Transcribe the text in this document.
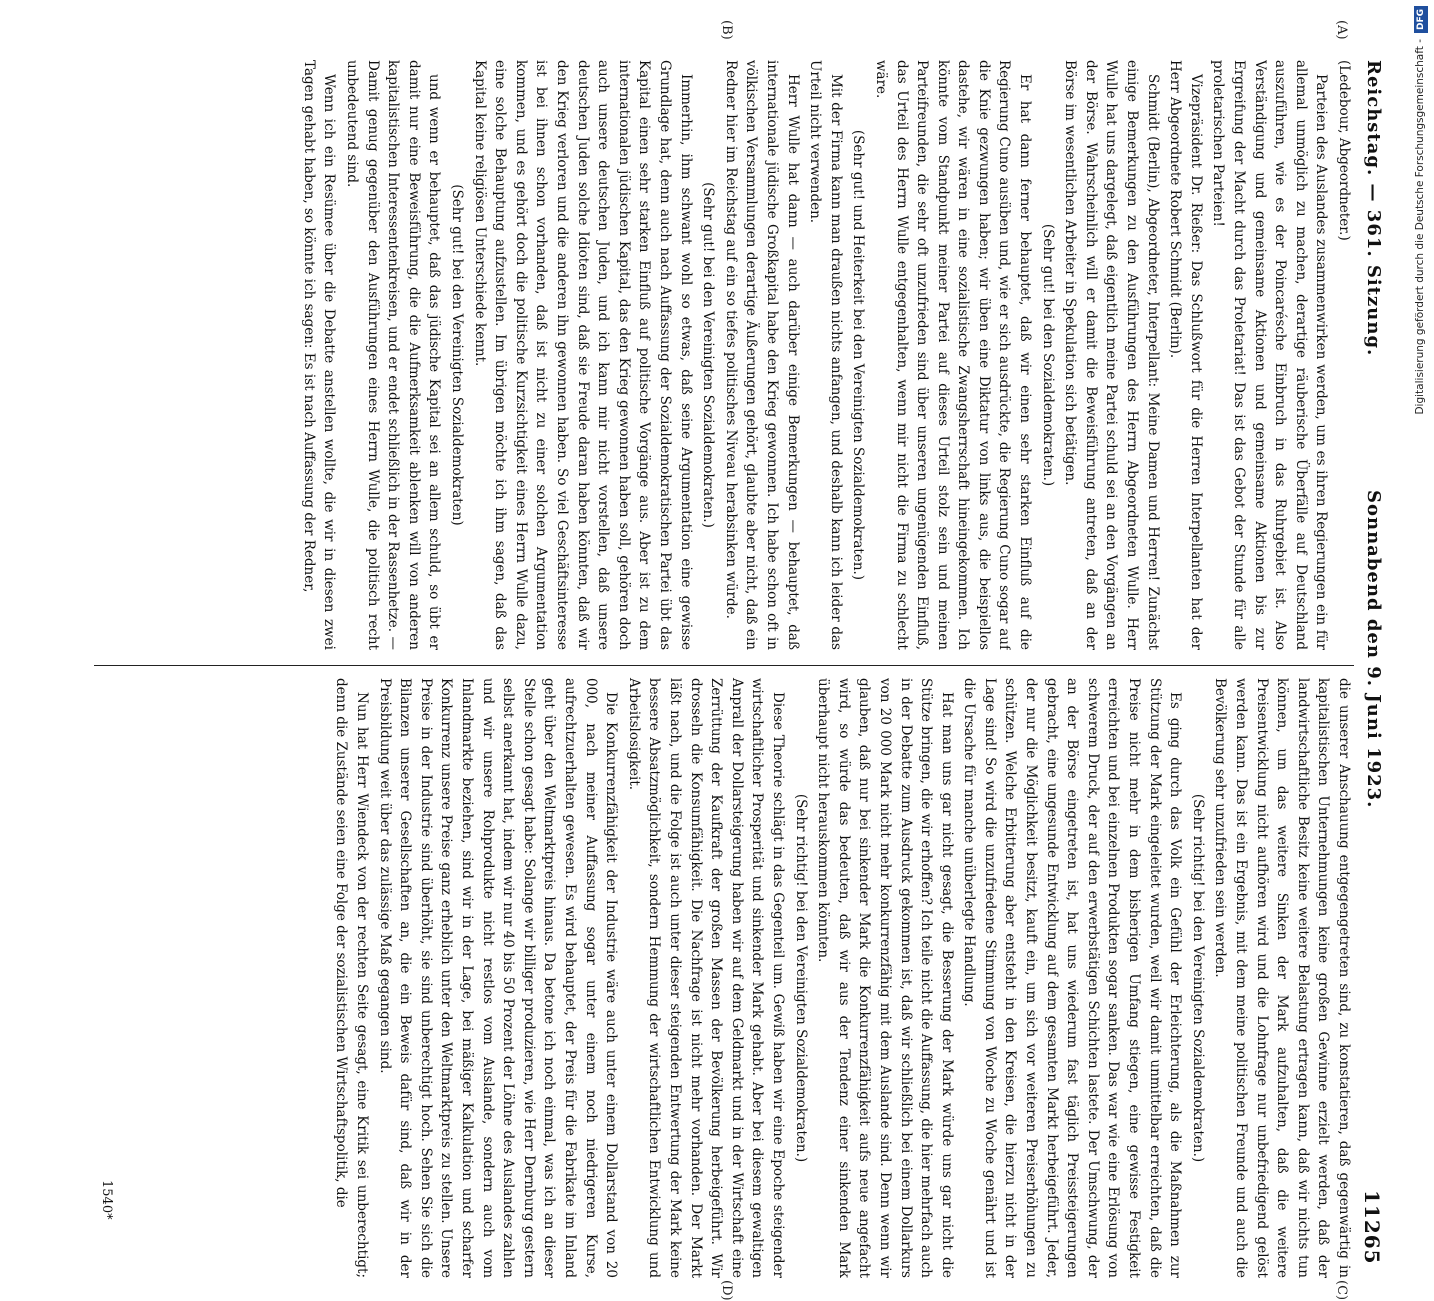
Reichstag. — 361. Sitzung.
Sonnabend den 9. Juni 1923.
11265
(A)
(B)
(C)
(D)

(Ledebour, Abgeordneter.)

Parteien des Auslandes zusammenwirken werden, um es ihren Regierungen ein für allemal unmöglich zu machen, derartige räuberische Überfälle auf Deutschland auszuführen, wie es der Poincarésche Einbruch in das Ruhrgebiet ist. Also Verständigung und gemeinsame Aktionen und gemeinsame Aktionen bis zur Ergreifung der Macht durch das Proletariat! Das ist das Gebot der Stunde für alle proletarischen Parteien!

Vizepräsident Dr. Rießer: Das Schlußwort für die Herren Interpellanten hat der Herr Abgeordnete Robert Schmidt (Berlin).

Schmidt (Berlin), Abgeordneter, Interpellant: Meine Damen und Herren! Zunächst einige Bemerkungen zu den Ausführungen des Herrn Abgeordneten Wulle. Herr Wulle hat uns dargelegt, daß eigentlich meine Partei schuld sei an den Vorgängen an der Börse. Wahrscheinlich will er damit die Beweisführung antreten, daß an der Börse im wesentlichen Arbeiter in Spekulation sich betätigen.

(Sehr gut! bei den Sozialdemokraten.)

Er hat dann ferner behauptet, daß wir einen sehr starken Einfluß auf die Regierung Cuno ausüben und, wie er sich ausdrückte, die Regierung Cuno sogar auf die Knie gezwungen haben; wir üben eine Diktatur von links aus, die beispiellos dastehe, wir wären in eine sozialistische Zwangsherrschaft hineingekommen. Ich könnte vom Standpunkt meiner Partei auf dieses Urteil stolz sein und meinen Parteifreunden, die sehr oft unzufrieden sind über unseren ungenügenden Einfluß, das Urteil des Herrn Wulle entgegenhalten, wenn mir nicht die Firma zu schlecht wäre.

(Sehr gut! und Heiterkeit bei den Vereinigten Sozialdemokraten.)

Mit der Firma kann man draußen nichts anfangen, und deshalb kann ich leider das Urteil nicht verwenden.

Herr Wulle hat dann — auch darüber einige Bemerkungen — behauptet, daß internationale jüdische Großkapital habe den Krieg gewonnen. Ich habe schon oft in völkischen Versammlungen derartige Äußerungen gehört, glaubte aber nicht, daß ein Redner hier im Reichstag auf ein so tiefes politisches Niveau herabsinken würde.

(Sehr gut! bei den Vereinigten Sozialdemokraten.)

Immerhin, ihm schwant wohl so etwas, daß seine Argumentation eine gewisse Grundlage hat, denn auch nach Auffassung der Sozialdemokratischen Partei übt das Kapital einen sehr starken Einfluß auf politische Vorgänge aus. Aber ist zu dem internationalen jüdischen Kapital, das den Krieg gewonnen haben soll, gehören doch auch unsere deutschen Juden, und ich kann mir nicht vorstellen, daß unsere deutschen Juden solche Idioten sind, daß sie Freude daran haben könnten, daß wir den Krieg verloren und die anderen ihn gewonnen haben. So viel Geschäftsinteresse ist bei ihnen schon vorhanden, daß ist nicht zu einer solchen Argumentation kommen, und es gehört doch die politische Kurzsichtigkeit eines Herrn Wulle dazu, eine solche Behauptung aufzustellen. Im übrigen möchte ich ihm sagen, daß das Kapital keine religiösen Unterschiede kennt.

(Sehr gut! bei den Vereinigten Sozialdemokraten)

und wenn er behauptet, daß das jüdische Kapital sei an allem schuld, so übt er damit nur eine Beweisführung, die die Aufmerksamkeit ablenken will von anderen kapitalistischen Interessentenkreisen, und er endet schließlich in der Rassenhetze. — Damit genug gegenüber den Ausführungen eines Herrn Wulle, die politisch recht unbedeutend sind.

Wenn ich ein Resümee über die Debatte anstellen wollte, die wir in diesen zwei Tagen gehabt haben, so könnte ich sagen: Es ist nach Auffassung der Redner,

die unserer Anschauung entgegengetreten sind, zu konstatieren, daß gegenwärtig in kapitalistischen Unternehmungen keine großen Gewinne erzielt werden, daß der landwirtschaftliche Besitz keine weitere Belastung ertragen kann, daß wir nichts tun können, um das weitere Sinken der Mark aufzuhalten, daß die weitere Preisentwicklung nicht aufhören wird und die Lohnfrage nur unbefriedigend gelöst werden kann. Das ist ein Ergebnis, mit dem meine politischen Freunde und auch die Bevölkerung sehr unzufrieden sein werden.

(Sehr richtig! bei den Vereinigten Sozialdemokraten.)

Es ging durch das Volk ein Gefühl der Erleichterung, als die Maßnahmen zur Stützung der Mark eingeleitet wurden, weil wir damit unmittelbar erreichten, daß die Preise nicht mehr in dem bisherigen Umfang stiegen, eine gewisse Festigkeit erreichten und bei einzelnen Produkten sogar sanken. Das war wie eine Erlösung von schwerem Druck, der auf den erwerbstätigen Schichten lastete. Der Umschwung, der an der Börse eingetreten ist, hat uns wiederum fast täglich Preissteigerungen gebracht, eine ungesunde Entwicklung auf dem gesamten Markt herbeigeführt. Jeder, der nur die Möglichkeit besitzt, kauft ein, um sich vor weiteren Preiserhöhungen zu schützen. Welche Erbitterung aber entsteht in den Kreisen, die hierzu nicht in der Lage sind! So wird die unzufriedene Stimmung von Woche zu Woche genährt und ist die Ursache für manche unüberlegte Handlung.

Hat man uns gar nicht gesagt, die Besserung der Mark würde uns gar nicht die Stütze bringen, die wir erhoffen? Ich teile nicht die Auffassung, die hier mehrfach auch in der Debatte zum Ausdruck gekommen ist, daß wir schließlich bei einem Dollarkurs von 20 000 Mark nicht mehr konkurrenzfähig mit dem Auslande sind. Denn wenn wir glauben, daß nur bei sinkender Mark die Konkurrenzfähigkeit aufs neue angefacht wird, so würde das bedeuten, daß wir aus der Tendenz einer sinkenden Mark überhaupt nicht herauskommen könnten.

(Sehr richtig! bei den Vereinigten Sozialdemokraten.)

Diese Theorie schlägt in das Gegenteil um. Gewiß haben wir eine Epoche steigender wirtschaftlicher Prosperität und sinkender Mark gehabt. Aber bei diesem gewaltigen Anprall der Dollarsteigerung haben wir auf dem Geldmarkt und in der Wirtschaft eine Zerrüttung der Kaufkraft der großen Massen der Bevölkerung herbeigeführt. Wir drosseln die Konsumfähigkeit. Die Nachfrage ist nicht mehr vorhanden. Der Markt läßt nach, und die Folge ist auch unter dieser steigenden Entwertung der Mark keine bessere Absatzmöglichkeit, sondern Hemmung der wirtschaftlichen Entwicklung und Arbeitslosigkeit.

Die Konkurrenzfähigkeit der Industrie wäre auch unter einem Dollarstand von 20 000, nach meiner Auffassung sogar unter einem noch niedrigeren Kurse, aufrechtzuerhalten gewesen. Es wird behauptet, der Preis für die Fabrikate im Inland geht über den Weltmarktpreis hinaus. Da betone ich noch einmal, was ich an dieser Stelle schon gesagt habe: Solange wir billiger produzieren, wie Herr Dernburg gestern selbst anerkannt hat, indem wir nur 40 bis 50 Prozent der Löhne des Auslandes zahlen und wir unsere Rohprodukte nicht restlos vom Auslande, sondern auch vom Inlandmarkte beziehen, sind wir in der Lage, bei mäßiger Kalkulation und scharfer Konkurrenz unsere Preise ganz erheblich unter den Weltmarktpreis zu stellen. Unsere Preise in der Industrie sind überhöht, sie sind unberechtigt hoch. Sehen Sie sich die Bilanzen unserer Gesellschaften an, die ein Beweis dafür sind, daß wir in der Preisbildung weit über das zulässige Maß gegangen sind.

Nun hat Herr Wiendeck von der rechten Seite gesagt, eine Kritik sei unberechtigt; denn die Zustände seien eine Folge der sozialistischen Wirtschaftspolitik, die

1540*
Digitalisierung gefördert durch die Deutsche Forschungsgemeinschaft -DFG
